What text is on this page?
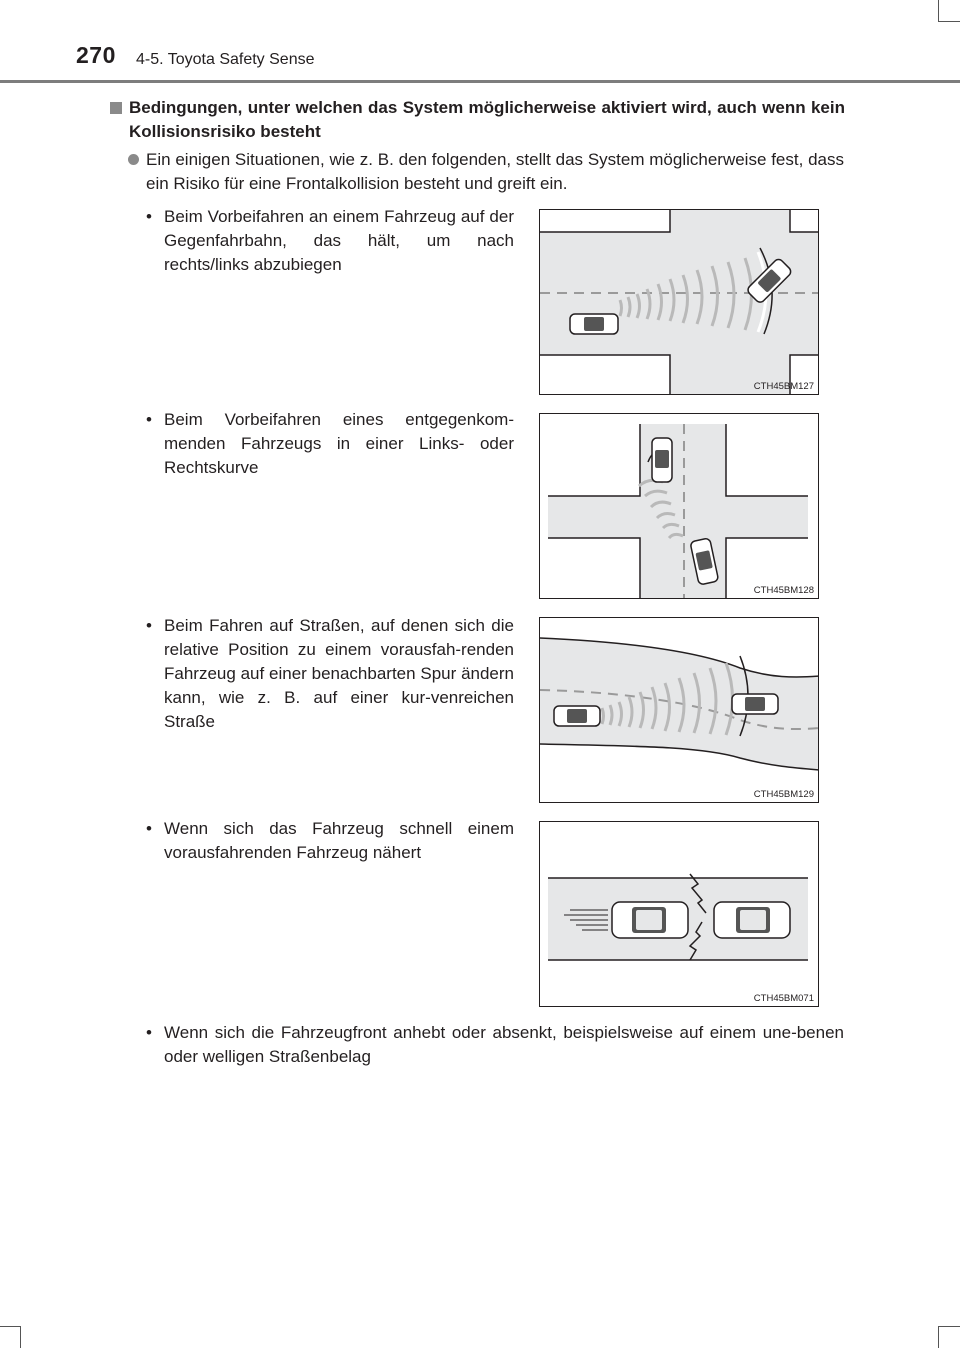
270 4-5. Toyota Safety Sense
Bedingungen, unter welchen das System möglicherweise aktiviert wird, auch wenn kein Kollisionsrisiko besteht
Ein einigen Situationen, wie z. B. den folgenden, stellt das System möglicherweise fest, dass ein Risiko für eine Frontalkollision besteht und greift ein.
• Beim Vorbeifahren an einem Fahrzeug auf der Gegenfahrbahn, das hält, um nach rechts/links abzubiegen
• Beim Vorbeifahren eines entgegenkom-menden Fahrzeugs in einer Links- oder Rechtskurve
• Beim Fahren auf Straßen, auf denen sich die relative Position zu einem vorausfah-renden Fahrzeug auf einer benachbarten Spur ändern kann, wie z. B. auf einer kur-venreichen Straße
• Wenn sich das Fahrzeug schnell einem vorausfahrenden Fahrzeug nähert
• Wenn sich die Fahrzeugfront anhebt oder absenkt, beispielsweise auf einem une-benen oder welligen Straßenbelag
CTH45BM127
CTH45BM128
CTH45BM129
CTH45BM071
